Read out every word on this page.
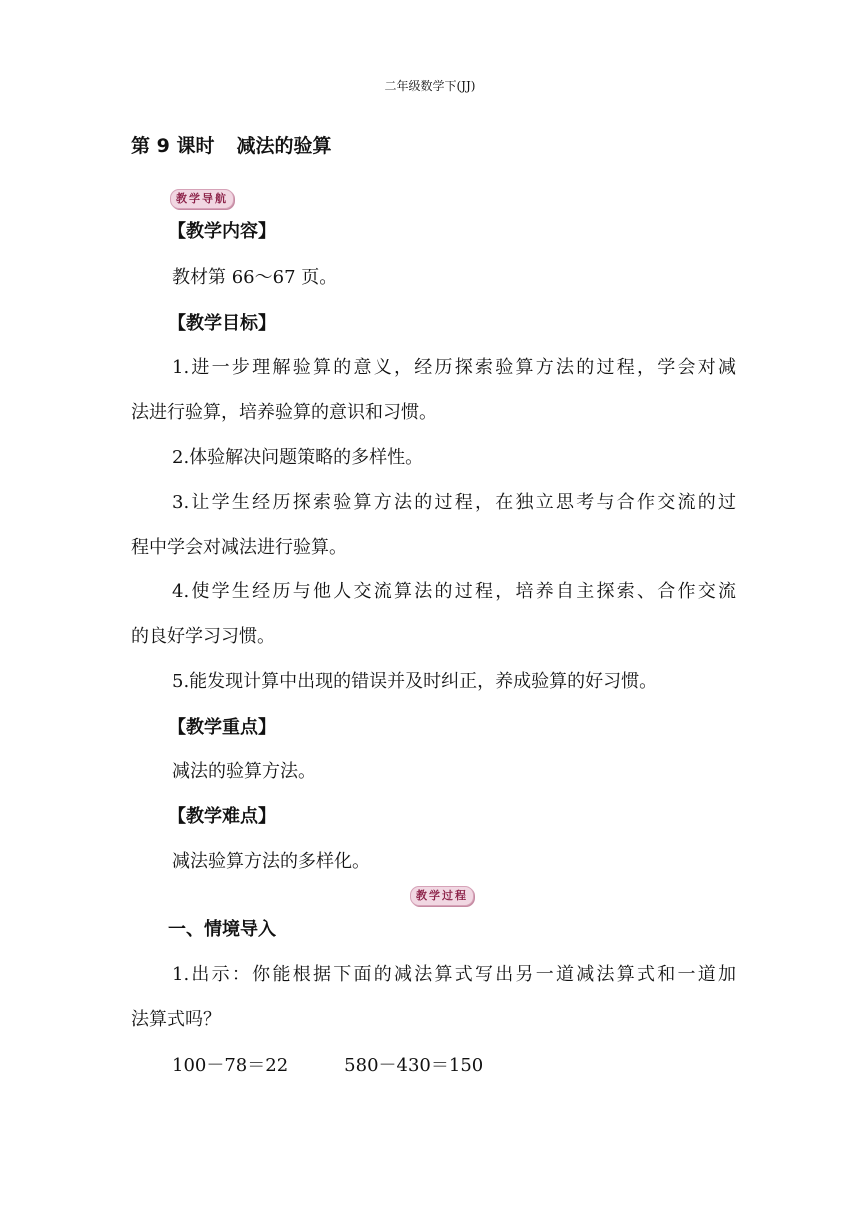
二年级数学下(JJ)
第 9 课时 减法的验算
教学导航
【教学内容】
教材第 66～67 页。
【教学目标】
1.进一步理解验算的意义，经历探索验算方法的过程，学会对减
法进行验算，培养验算的意识和习惯。
2.体验解决问题策略的多样性。
3.让学生经历探索验算方法的过程，在独立思考与合作交流的过
程中学会对减法进行验算。
4.使学生经历与他人交流算法的过程，培养自主探索、合作交流
的良好学习习惯。
5.能发现计算中出现的错误并及时纠正，养成验算的好习惯。
【教学重点】
减法的验算方法。
【教学难点】
减法验算方法的多样化。
教学过程
一、情境导入
1.出示：你能根据下面的减法算式写出另一道减法算式和一道加
法算式吗？
100－78＝22	580－430＝150
